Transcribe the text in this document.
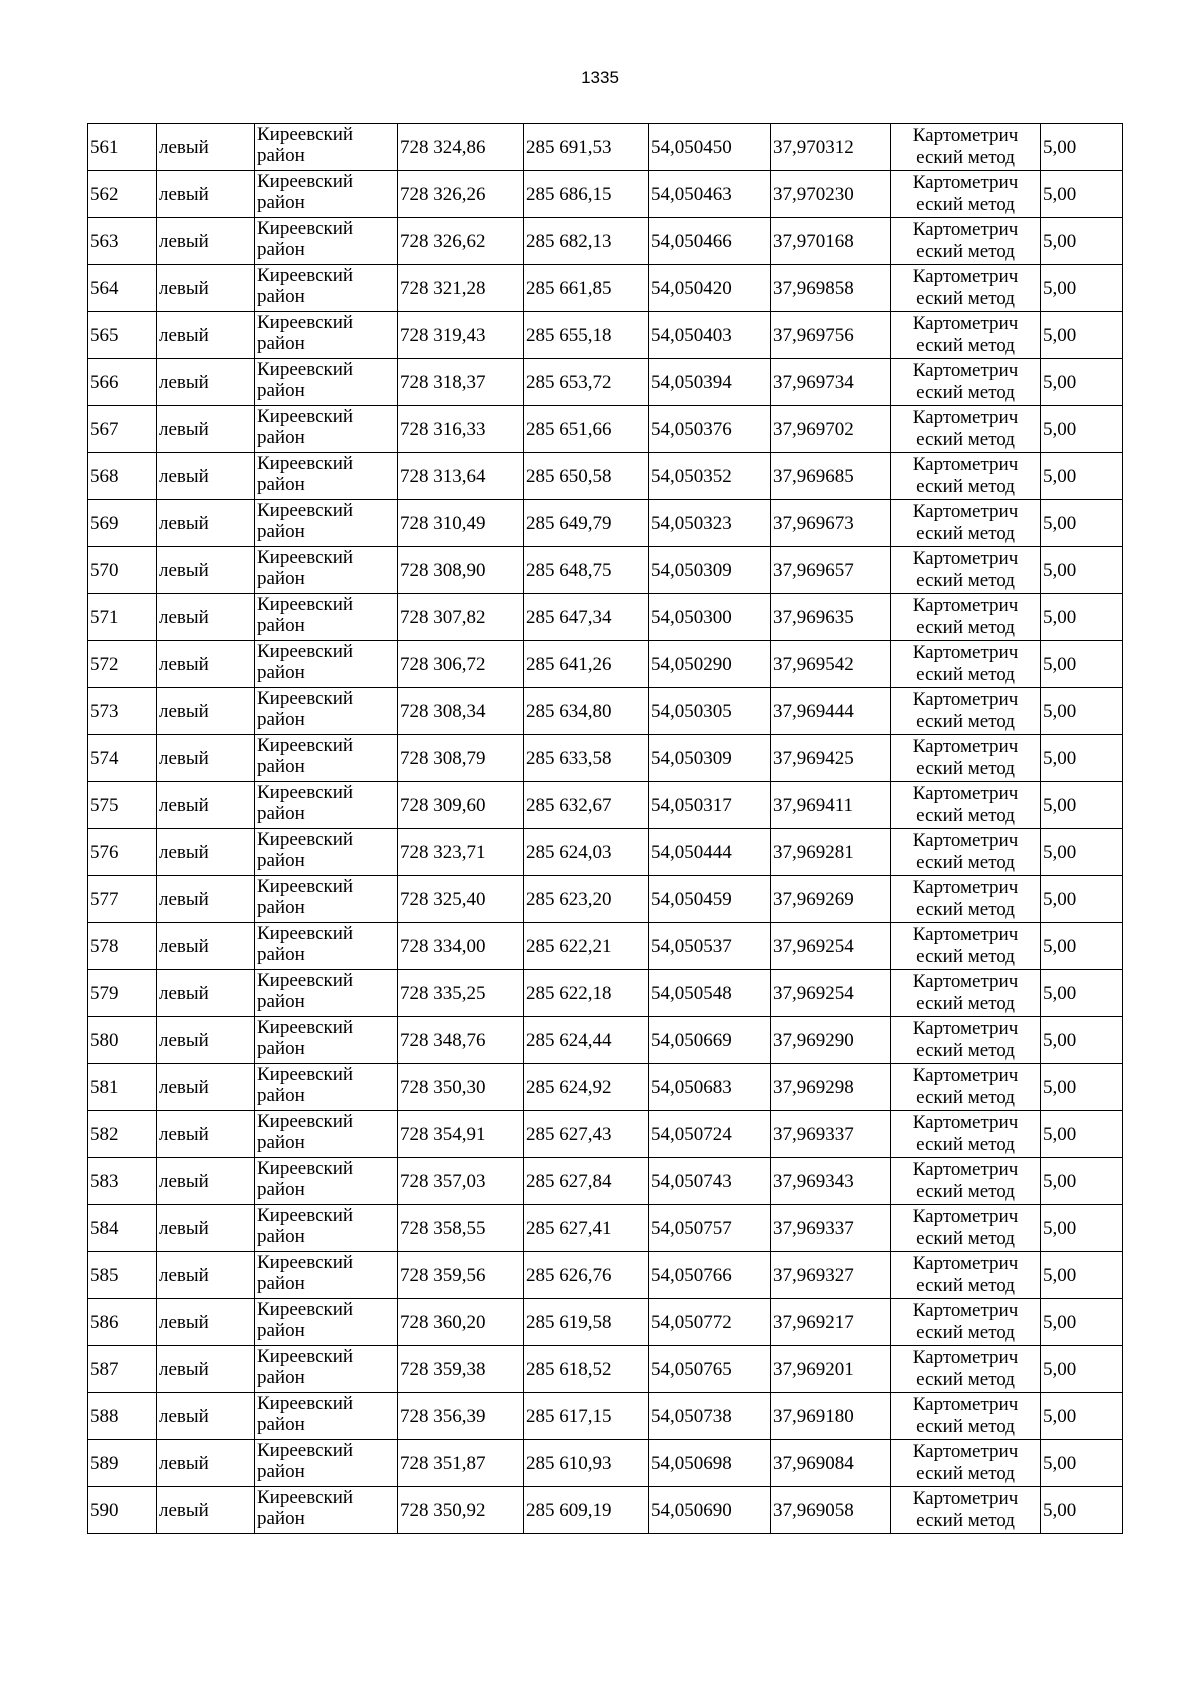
1335
561	левый	Киреевский район	728 324,86	285 691,53	54,050450	37,970312	Картометрич еский метод	5,00
562	левый	Киреевский район	728 326,26	285 686,15	54,050463	37,970230	Картометрич еский метод	5,00
563	левый	Киреевский район	728 326,62	285 682,13	54,050466	37,970168	Картометрич еский метод	5,00
564	левый	Киреевский район	728 321,28	285 661,85	54,050420	37,969858	Картометрич еский метод	5,00
565	левый	Киреевский район	728 319,43	285 655,18	54,050403	37,969756	Картометрич еский метод	5,00
566	левый	Киреевский район	728 318,37	285 653,72	54,050394	37,969734	Картометрич еский метод	5,00
567	левый	Киреевский район	728 316,33	285 651,66	54,050376	37,969702	Картометрич еский метод	5,00
568	левый	Киреевский район	728 313,64	285 650,58	54,050352	37,969685	Картометрич еский метод	5,00
569	левый	Киреевский район	728 310,49	285 649,79	54,050323	37,969673	Картометрич еский метод	5,00
570	левый	Киреевский район	728 308,90	285 648,75	54,050309	37,969657	Картометрич еский метод	5,00
571	левый	Киреевский район	728 307,82	285 647,34	54,050300	37,969635	Картометрич еский метод	5,00
572	левый	Киреевский район	728 306,72	285 641,26	54,050290	37,969542	Картометрич еский метод	5,00
573	левый	Киреевский район	728 308,34	285 634,80	54,050305	37,969444	Картометрич еский метод	5,00
574	левый	Киреевский район	728 308,79	285 633,58	54,050309	37,969425	Картометрич еский метод	5,00
575	левый	Киреевский район	728 309,60	285 632,67	54,050317	37,969411	Картометрич еский метод	5,00
576	левый	Киреевский район	728 323,71	285 624,03	54,050444	37,969281	Картометрич еский метод	5,00
577	левый	Киреевский район	728 325,40	285 623,20	54,050459	37,969269	Картометрич еский метод	5,00
578	левый	Киреевский район	728 334,00	285 622,21	54,050537	37,969254	Картометрич еский метод	5,00
579	левый	Киреевский район	728 335,25	285 622,18	54,050548	37,969254	Картометрич еский метод	5,00
580	левый	Киреевский район	728 348,76	285 624,44	54,050669	37,969290	Картометрич еский метод	5,00
581	левый	Киреевский район	728 350,30	285 624,92	54,050683	37,969298	Картометрич еский метод	5,00
582	левый	Киреевский район	728 354,91	285 627,43	54,050724	37,969337	Картометрич еский метод	5,00
583	левый	Киреевский район	728 357,03	285 627,84	54,050743	37,969343	Картометрич еский метод	5,00
584	левый	Киреевский район	728 358,55	285 627,41	54,050757	37,969337	Картометрич еский метод	5,00
585	левый	Киреевский район	728 359,56	285 626,76	54,050766	37,969327	Картометрич еский метод	5,00
586	левый	Киреевский район	728 360,20	285 619,58	54,050772	37,969217	Картометрич еский метод	5,00
587	левый	Киреевский район	728 359,38	285 618,52	54,050765	37,969201	Картометрич еский метод	5,00
588	левый	Киреевский район	728 356,39	285 617,15	54,050738	37,969180	Картометрич еский метод	5,00
589	левый	Киреевский район	728 351,87	285 610,93	54,050698	37,969084	Картометрич еский метод	5,00
590	левый	Киреевский район	728 350,92	285 609,19	54,050690	37,969058	Картометрич еский метод	5,00
